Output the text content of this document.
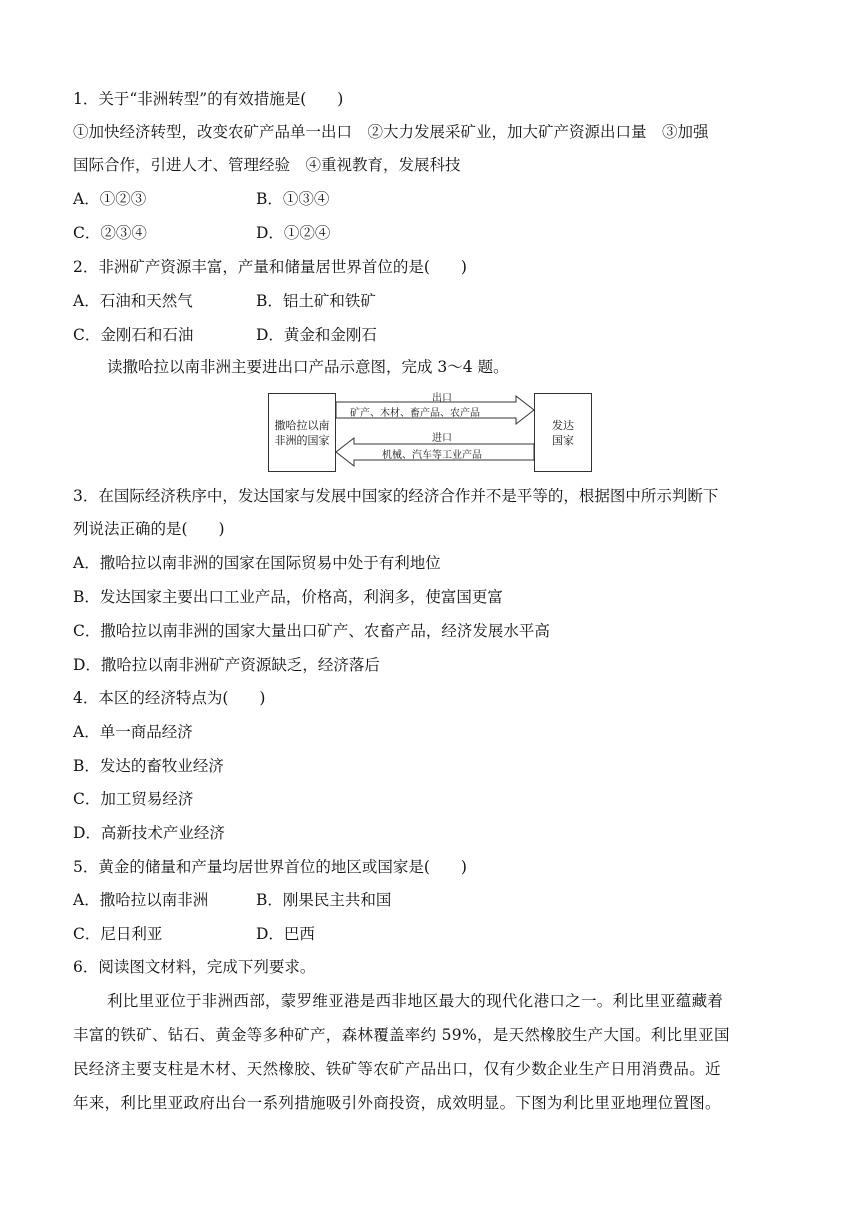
1．关于“非洲转型”的有效措施是(　　)
①加快经济转型，改变农矿产品单一出口　②大力发展采矿业，加大矿产资源出口量　③加强
国际合作，引进人才、管理经验　④重视教育，发展科技
A．①②③	B．①③④
C．②③④	D．①②④
2．非洲矿产资源丰富，产量和储量居世界首位的是(　　)
A．石油和天然气	B．铝土矿和铁矿
C．金刚石和石油	D．黄金和金刚石
读撒哈拉以南非洲主要进出口产品示意图，完成 3～4 题。
撒哈拉以南
非洲的国家
发达
国家
出口
矿产、木材、畜产品、农产品
进口
机械、汽车等工业产品
3．在国际经济秩序中，发达国家与发展中国家的经济合作并不是平等的，根据图中所示判断下
列说法正确的是(　　)
A．撒哈拉以南非洲的国家在国际贸易中处于有利地位
B．发达国家主要出口工业产品，价格高，利润多，使富国更富
C．撒哈拉以南非洲的国家大量出口矿产、农畜产品，经济发展水平高
D．撒哈拉以南非洲矿产资源缺乏，经济落后
4．本区的经济特点为(　　)
A．单一商品经济
B．发达的畜牧业经济
C．加工贸易经济
D．高新技术产业经济
5．黄金的储量和产量均居世界首位的地区或国家是(　　)
A．撒哈拉以南非洲	B．刚果民主共和国
C．尼日利亚	D．巴西
6．阅读图文材料，完成下列要求。
利比里亚位于非洲西部，蒙罗维亚港是西非地区最大的现代化港口之一。利比里亚蕴藏着
丰富的铁矿、钻石、黄金等多种矿产，森林覆盖率约 59%，是天然橡胶生产大国。利比里亚国
民经济主要支柱是木材、天然橡胶、铁矿等农矿产品出口，仅有少数企业生产日用消费品。近
年来，利比里亚政府出台一系列措施吸引外商投资，成效明显。下图为利比里亚地理位置图。
